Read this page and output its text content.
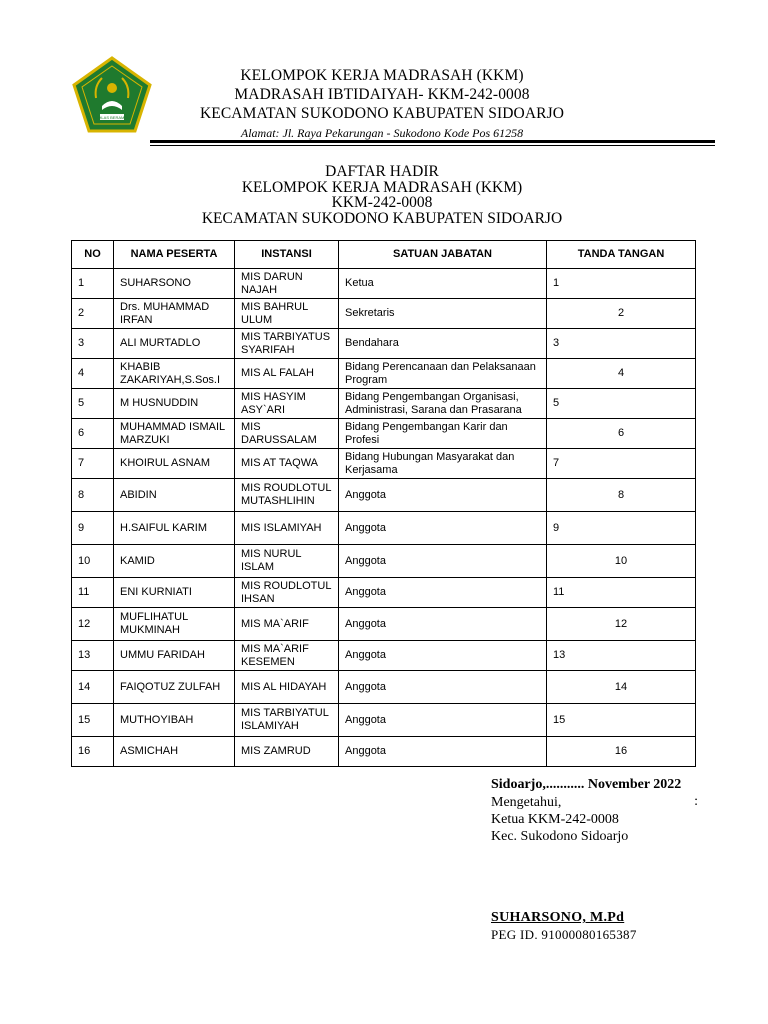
IKHLAS BERAMAL
KELOMPOK KERJA MADRASAH (KKM)
MADRASAH IBTIDAIYAH- KKM-242-0008
KECAMATAN SUKODONO KABUPATEN SIDOARJO
Alamat: Jl. Raya Pekarungan - Sukodono Kode Pos 61258
DAFTAR HADIR
KELOMPOK KERJA MADRASAH (KKM)
KKM-242-0008
KECAMATAN SUKODONO KABUPATEN SIDOARJO
NO	NAMA PESERTA	INSTANSI	SATUAN JABATAN	TANDA TANGAN
1	SUHARSONO	MIS DARUN NAJAH	Ketua	1
2	Drs. MUHAMMAD IRFAN	MIS BAHRUL ULUM	Sekretaris	2
3	ALI MURTADLO	MIS TARBIYATUS SYARIFAH	Bendahara	3
4	KHABIB ZAKARIYAH,S.Sos.I	MIS AL FALAH	Bidang Perencanaan dan Pelaksanaan Program	4
5	M HUSNUDDIN	MIS HASYIM ASY`ARI	Bidang Pengembangan Organisasi, Administrasi, Sarana dan Prasarana	5
6	MUHAMMAD ISMAIL MARZUKI	MIS DARUSSALAM	Bidang Pengembangan Karir dan Profesi	6
7	KHOIRUL ASNAM	MIS AT TAQWA	Bidang Hubungan Masyarakat dan Kerjasama	7
8	ABIDIN	MIS ROUDLOTUL MUTASHLIHIN	Anggota	8
9	H.SAIFUL KARIM	MIS ISLAMIYAH	Anggota	9
10	KAMID	MIS NURUL ISLAM	Anggota	10
11	ENI KURNIATI	MIS ROUDLOTUL IHSAN	Anggota	11
12	MUFLIHATUL MUKMINAH	MIS MA`ARIF	Anggota	12
13	UMMU FARIDAH	MIS MA`ARIF KESEMEN	Anggota	13
14	FAIQOTUZ ZULFAH	MIS AL HIDAYAH	Anggota	14
15	MUTHOYIBAH	MIS TARBIYATUL ISLAMIYAH	Anggota	15
16	ASMICHAH	MIS ZAMRUD	Anggota	16
Sidoarjo,........... November 2022
Mengetahui,	:
Ketua KKM-242-0008
Kec. Sukodono Sidoarjo
SUHARSONO, M.Pd
PEG ID. 91000080165387
